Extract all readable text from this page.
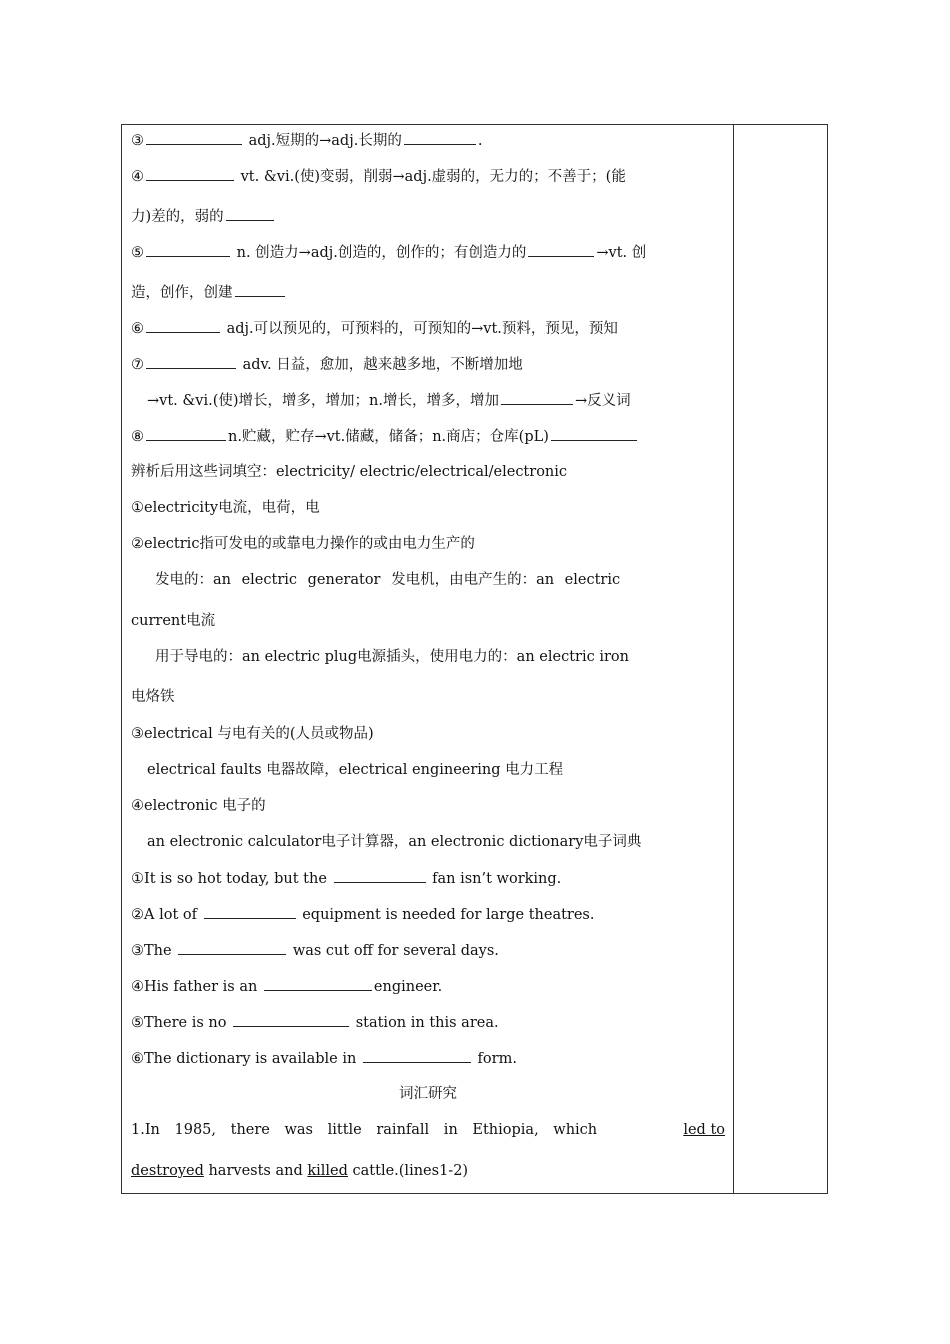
③	adj.短期的→adj.长期的	.
④	vt. &vi.(使)变弱，削弱→adj.虚弱的，无力的；不善于；(能
力)差的，弱的
⑤	n. 创造力→adj.创造的，创作的；有创造力的	→vt. 创
造，创作，创建
⑥	adj.可以预见的，可预料的，可预知的→vt.预料，预见，预知
⑦	adv. 日益，愈加，越来越多地，不断增加地
→vt. &vi.(使)增长，增多，增加；n.增长，增多，增加	→反义词
⑧	n.贮藏，贮存→vt.储藏，储备；n.商店；仓库(pL)
辨析后用这些词填空：electricity/ electric/electrical/electronic
①electricity电流，电荷，电
②electric指可发电的或靠电力操作的或由电力生产的
发电的：an electric generator 发电机，由电产生的：an electric
current电流
用于导电的：an electric plug电源插头，使用电力的：an electric iron
电烙铁
③electrical 与电有关的(人员或物品)
electrical faults 电器故障，electrical engineering 电力工程
④electronic 电子的
an electronic calculator电子计算器，an electronic dictionary电子词典
①It is so hot today, but the	fan isn’t working.
②A lot of	equipment is needed for large theatres.
③The	was cut off for several days.
④His father is an	engineer.
⑤There is no	station in this area.
⑥The dictionary is available in	form.
词汇研究
1.In 1985, there was little rainfall in Ethiopia, which	led to
destroyed harvests and killed cattle.(lines1-2)
